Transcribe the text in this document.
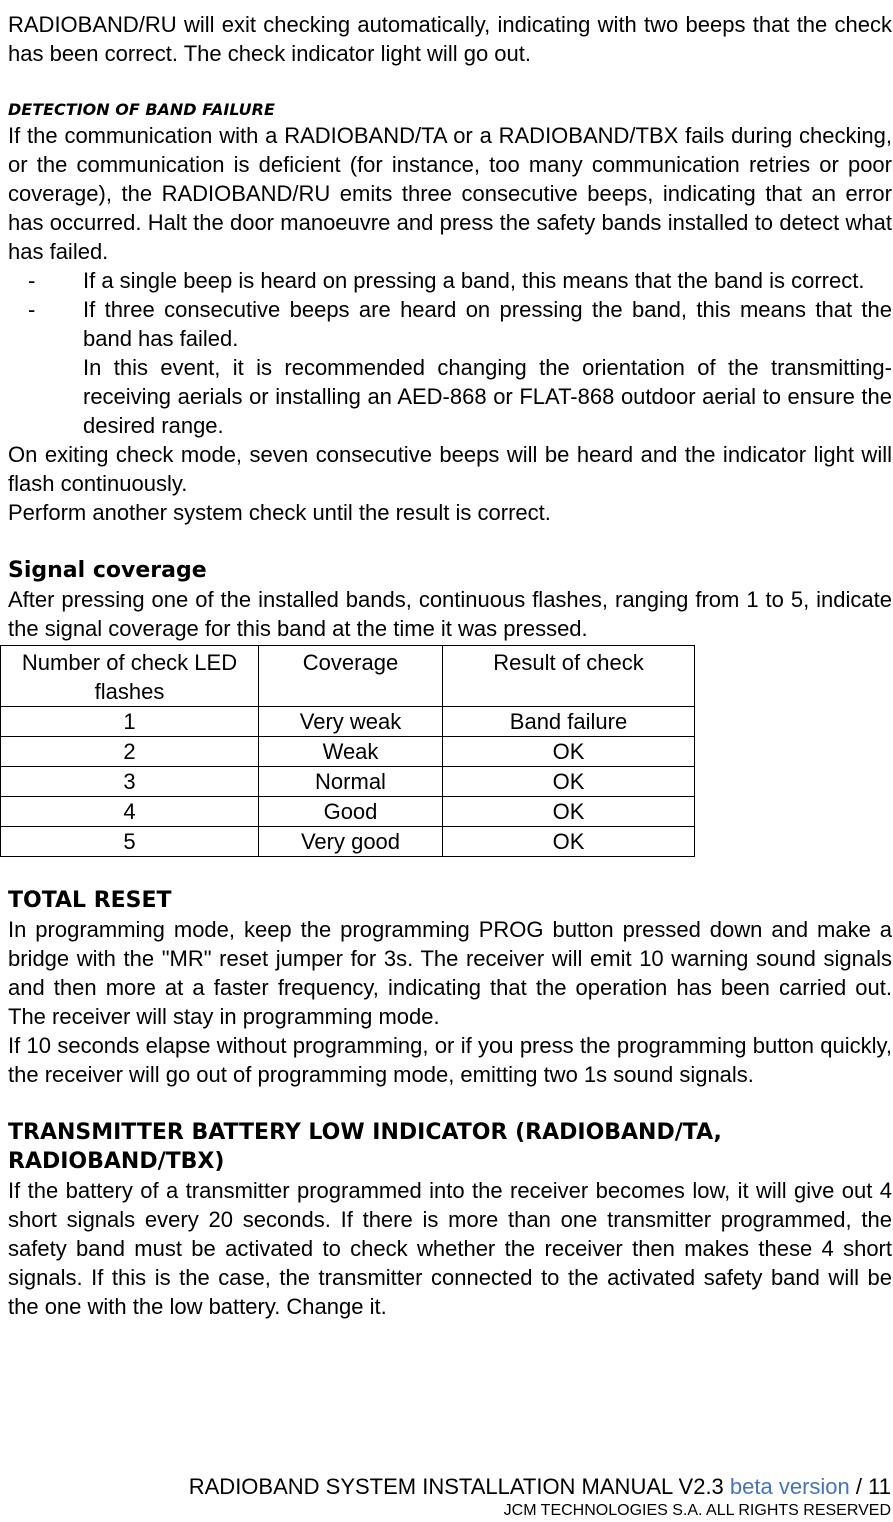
RADIOBAND/RU will exit checking automatically, indicating with two beeps that the check has been correct. The check indicator light will go out.

DETECTION OF BAND FAILURE

If the communication with a RADIOBAND/TA or a RADIOBAND/TBX fails during checking, or the communication is deficient (for instance, too many communication retries or poor coverage), the RADIOBAND/RU emits three consecutive beeps, indicating that an error has occurred. Halt the door manoeuvre and press the safety bands installed to detect what has failed.

- If a single beep is heard on pressing a band, this means that the band is correct.
- If three consecutive beeps are heard on pressing the band, this means that the band has failed.
In this event, it is recommended changing the orientation of the transmitting-receiving aerials or installing an AED-868 or FLAT-868 outdoor aerial to ensure the desired range.

On exiting check mode, seven consecutive beeps will be heard and the indicator light will flash continuously.

Perform another system check until the result is correct.

Signal coverage

After pressing one of the installed bands, continuous flashes, ranging from 1 to 5, indicate the signal coverage for this band at the time it was pressed.

Number of check LED flashes	Coverage	Result of check
1	Very weak	Band failure
2	Weak	OK
3	Normal	OK
4	Good	OK
5	Very good	OK
TOTAL RESET

In programming mode, keep the programming PROG button pressed down and make a bridge with the "MR" reset jumper for 3s. The receiver will emit 10 warning sound signals and then more at a faster frequency, indicating that the operation has been carried out. The receiver will stay in programming mode.

If 10 seconds elapse without programming, or if you press the programming button quickly, the receiver will go out of programming mode, emitting two 1s sound signals.

TRANSMITTER BATTERY LOW INDICATOR (RADIOBAND/TA,
RADIOBAND/TBX)

If the battery of a transmitter programmed into the receiver becomes low, it will give out 4 short signals every 20 seconds. If there is more than one transmitter programmed, the safety band must be activated to check whether the receiver then makes these 4 short signals. If this is the case, the transmitter connected to the activated safety band will be the one with the low battery. Change it.

RADIOBAND SYSTEM INSTALLATION MANUAL V2.3 beta version / 11
JCM TECHNOLOGIES S.A. ALL RIGHTS RESERVED
